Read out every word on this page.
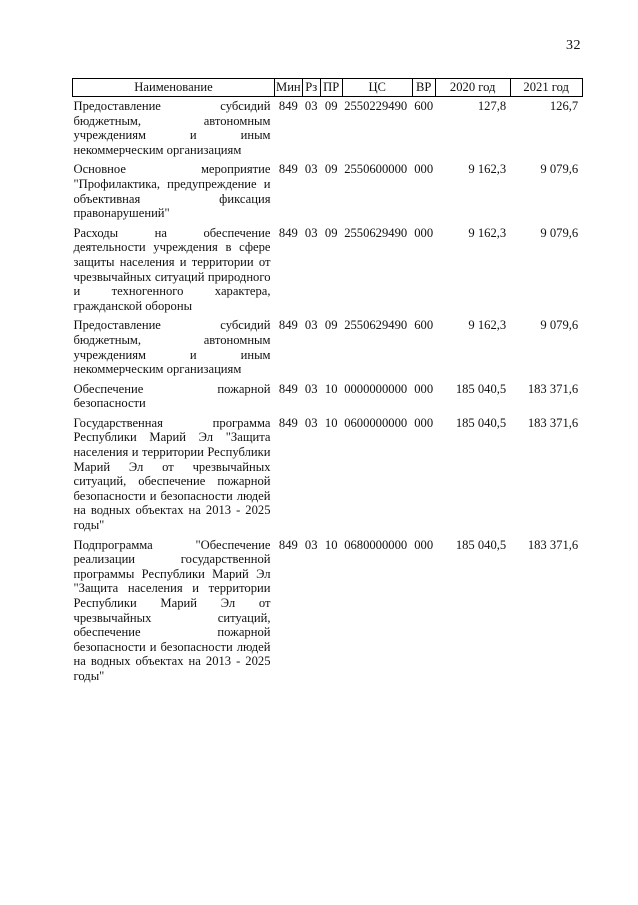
32
Наименование	Мин	Рз	ПР	ЦС	ВР	2020 год	2021 год
Предоставление субсидий бюджетным, автономным учреждениям и иным некоммерческим организациям	849	03	09	2550229490	600	127,8	126,7
Основное мероприятие "Профилактика, предупреждение и объективная фиксация правонарушений"	849	03	09	2550600000	000	9 162,3	9 079,6
Расходы на обеспечение деятельности учреждения в сфере защиты населения и территории от чрезвычайных ситуаций природного и техногенного характера, гражданской обороны	849	03	09	2550629490	000	9 162,3	9 079,6
Предоставление субсидий бюджетным, автономным учреждениям и иным некоммерческим организациям	849	03	09	2550629490	600	9 162,3	9 079,6
Обеспечение пожарной безопасности	849	03	10	0000000000	000	185 040,5	183 371,6
Государственная программа Республики Марий Эл "Защита населения и территории Республики Марий Эл от чрезвычайных ситуаций, обеспечение пожарной безопасности и безопасности людей на водных объектах на 2013 - 2025 годы"	849	03	10	0600000000	000	185 040,5	183 371,6
Подпрограмма "Обеспечение реализации государственной программы Республики Марий Эл "Защита населения и территории Республики Марий Эл от чрезвычайных ситуаций, обеспечение пожарной безопасности и безопасности людей на водных объектах на 2013 - 2025 годы"	849	03	10	0680000000	000	185 040,5	183 371,6
